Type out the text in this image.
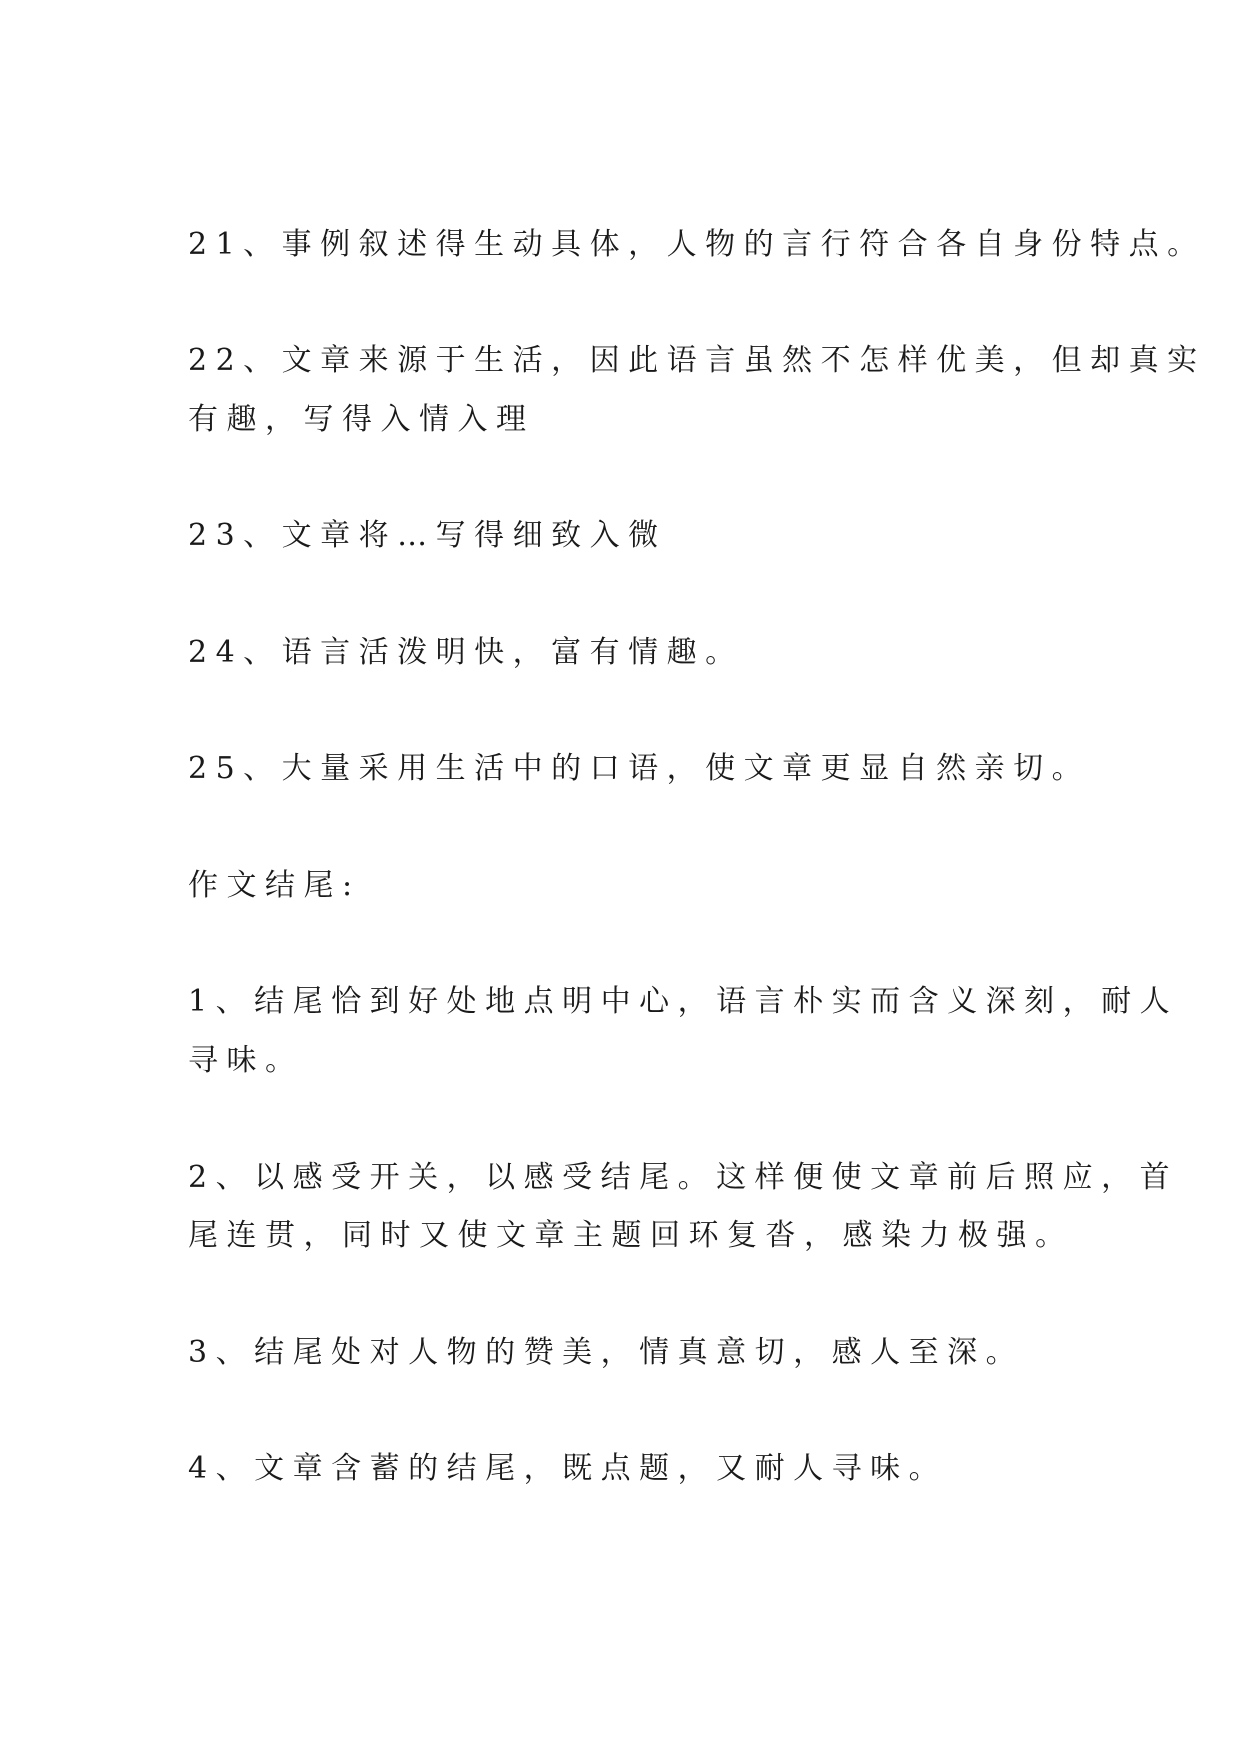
21、事例叙述得生动具体，人物的言行符合各自身份特点。

22、文章来源于生活，因此语言虽然不怎样优美，但却真实

有趣，写得入情入理

23、文章将…写得细致入微

24、语言活泼明快，富有情趣。

25、大量采用生活中的口语，使文章更显自然亲切。

作文结尾:

1、结尾恰到好处地点明中心，语言朴实而含义深刻，耐人

寻味。

2、以感受开关，以感受结尾。这样便使文章前后照应，首

尾连贯，同时又使文章主题回环复沓，感染力极强。

3、结尾处对人物的赞美，情真意切，感人至深。

4、文章含蓄的结尾，既点题，又耐人寻味。
